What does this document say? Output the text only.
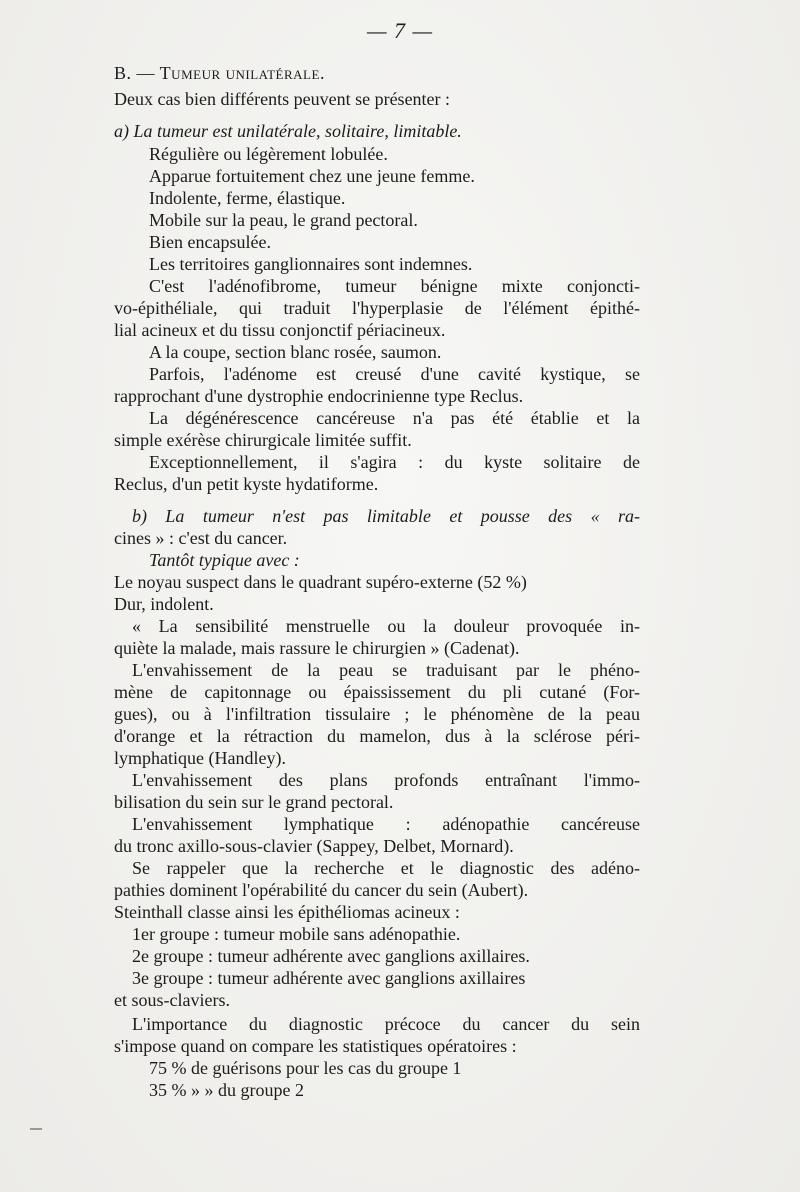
— 7 —
B. — Tumeur unilatérale.
Deux cas bien différents peuvent se présenter :
a) La tumeur est unilatérale, solitaire, limitable.
Régulière ou légèrement lobulée.
Apparue fortuitement chez une jeune femme.
Indolente, ferme, élastique.
Mobile sur la peau, le grand pectoral.
Bien encapsulée.
Les territoires ganglionnaires sont indemnes.
C'est l'adénofibrome, tumeur bénigne mixte conjoncti-
vo-épithéliale, qui traduit l'hyperplasie de l'élément épithé-
lial acineux et du tissu conjonctif périacineux.
A la coupe, section blanc rosée, saumon.
Parfois, l'adénome est creusé d'une cavité kystique, se
rapprochant d'une dystrophie endocrinienne type Reclus.
La dégénérescence cancéreuse n'a pas été établie et la
simple exérèse chirurgicale limitée suffit.
Exceptionnellement, il s'agira : du kyste solitaire de
Reclus, d'un petit kyste hydatiforme.
b) La tumeur n'est pas limitable et pousse des « ra-
cines » : c'est du cancer.
Tantôt typique avec :
Le noyau suspect dans le quadrant supéro-externe (52 %)
Dur, indolent.
« La sensibilité menstruelle ou la douleur provoquée in-
quiète la malade, mais rassure le chirurgien » (Cadenat).
L'envahissement de la peau se traduisant par le phéno-
mène de capitonnage ou épaississement du pli cutané (For-
gues), ou à l'infiltration tissulaire ; le phénomène de la peau
d'orange et la rétraction du mamelon, dus à la sclérose péri-
lymphatique (Handley).
L'envahissement des plans profonds entraînant l'immo-
bilisation du sein sur le grand pectoral.
L'envahissement lymphatique : adénopathie cancéreuse
du tronc axillo-sous-clavier (Sappey, Delbet, Mornard).
Se rappeler que la recherche et le diagnostic des adéno-
pathies dominent l'opérabilité du cancer du sein (Aubert).
Steinthall classe ainsi les épithéliomas acineux :
1er groupe : tumeur mobile sans adénopathie.
2e groupe : tumeur adhérente avec ganglions axillaires.
3e groupe : tumeur adhérente avec ganglions axillaires
et sous-claviers.
L'importance du diagnostic précoce du cancer du sein
s'impose quand on compare les statistiques opératoires :
75 % de guérisons pour les cas du groupe 1
35 % » » du groupe 2
